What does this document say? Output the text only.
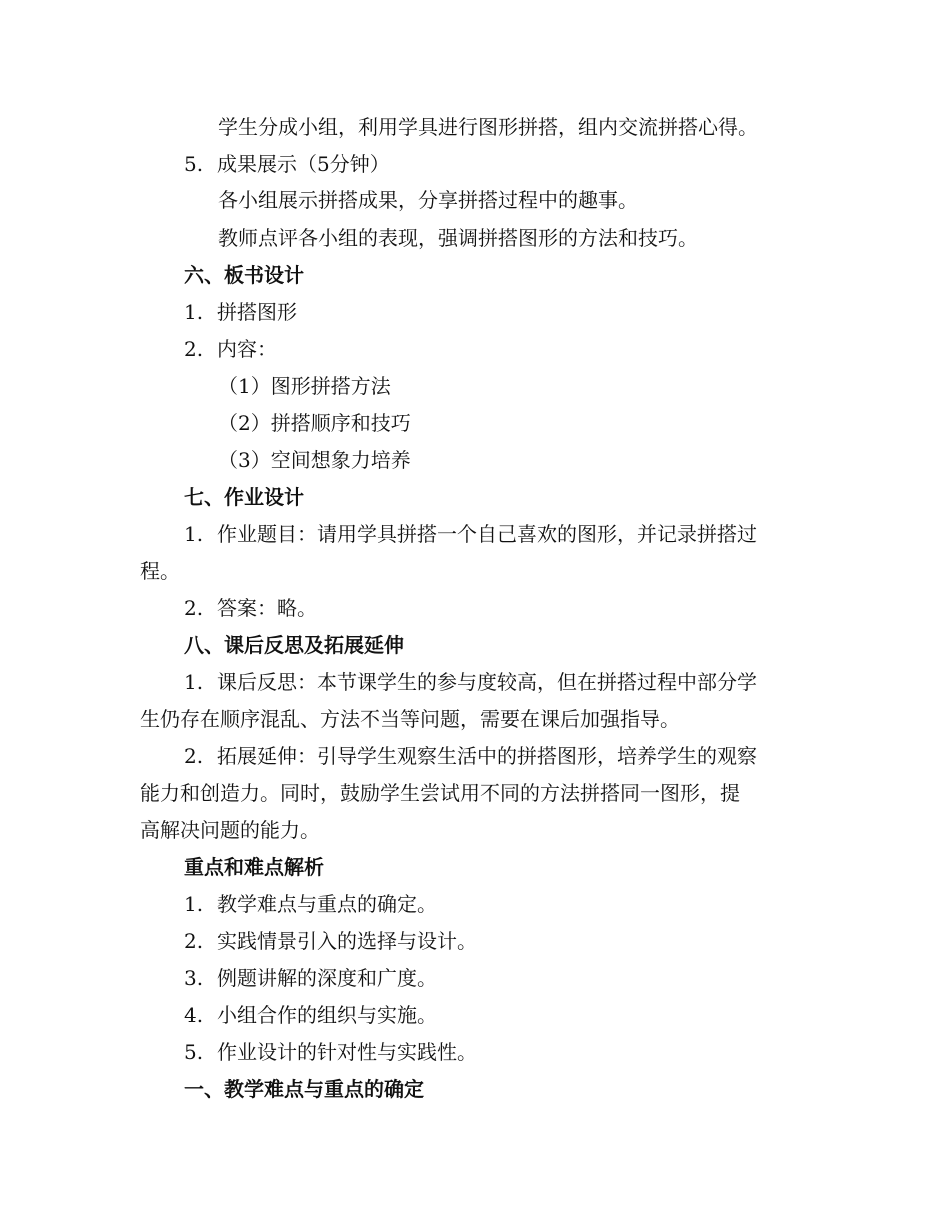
学生分成小组，利用学具进行图形拼搭，组内交流拼搭心得。
5. 成果展示（5分钟）
各小组展示拼搭成果，分享拼搭过程中的趣事。
教师点评各小组的表现，强调拼搭图形的方法和技巧。
六、板书设计
1. 拼搭图形
2. 内容：
（1）图形拼搭方法
（2）拼搭顺序和技巧
（3）空间想象力培养
七、作业设计
1. 作业题目：请用学具拼搭一个自己喜欢的图形，并记录拼搭过
程。
2. 答案：略。
八、课后反思及拓展延伸
1. 课后反思：本节课学生的参与度较高，但在拼搭过程中部分学
生仍存在顺序混乱、方法不当等问题，需要在课后加强指导。
2. 拓展延伸：引导学生观察生活中的拼搭图形，培养学生的观察
能力和创造力。同时，鼓励学生尝试用不同的方法拼搭同一图形，提
高解决问题的能力。
重点和难点解析
1. 教学难点与重点的确定。
2. 实践情景引入的选择与设计。
3. 例题讲解的深度和广度。
4. 小组合作的组织与实施。
5. 作业设计的针对性与实践性。
一、教学难点与重点的确定
